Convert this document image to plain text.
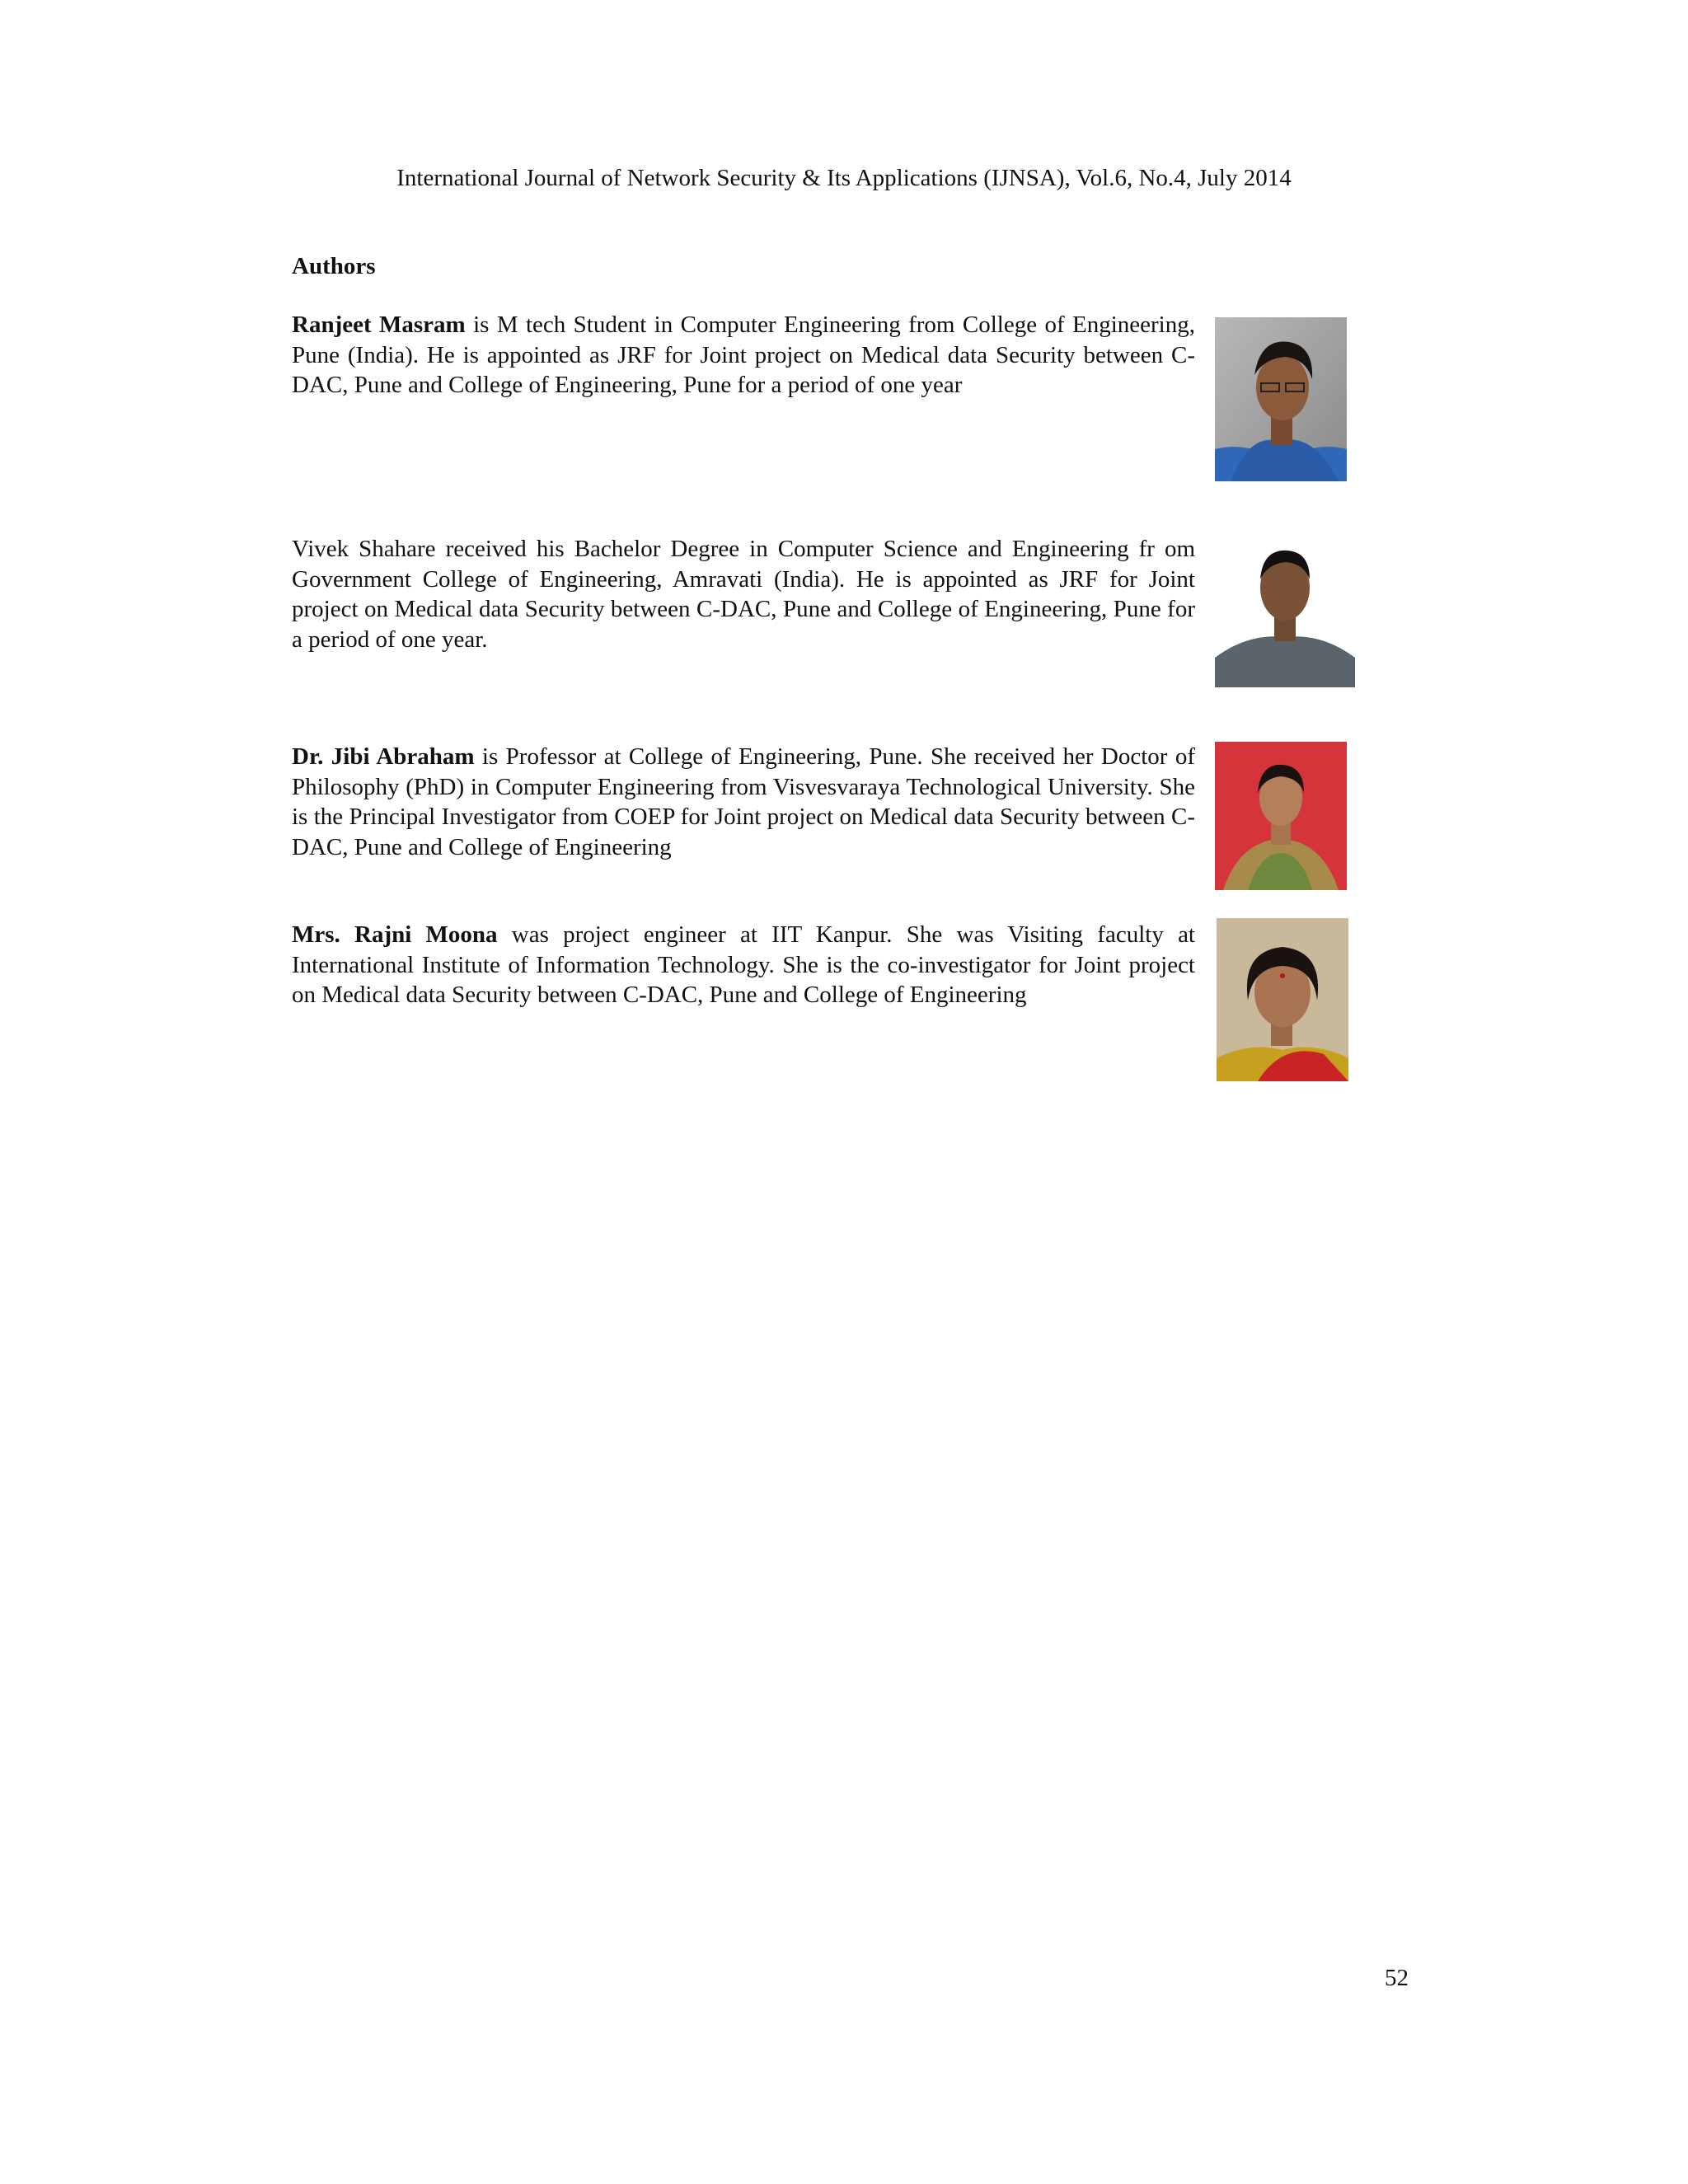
International Journal of Network Security & Its Applications (IJNSA), Vol.6, No.4, July 2014
Authors

Ranjeet Masram is M tech Student in Computer Engineering from College of Engineering, Pune (India). He is appointed as JRF for Joint project on Medical data Security between C-DAC, Pune and College of Engineering, Pune for a period of one year

Vivek Shahare received his Bachelor Degree in Computer Science and Engineering fr om Government College of Engineering, Amravati (India). He is appointed as JRF for Joint project on Medical data Security between C-DAC, Pune and College of Engineering, Pune for a period of one year.

Dr. Jibi Abraham is Professor at College of Engineering, Pune. She received her Doctor of Philosophy (PhD) in Computer Engineering from Visvesvaraya Technological University. She is the Principal Investigator from COEP for Joint project on Medical data Security between C-DAC, Pune and College of Engineering

Mrs. Rajni Moona was project engineer at IIT Kanpur. She was Visiting faculty at International Institute of Information Technology. She is the co-investigator for Joint project on Medical data Security between C-DAC, Pune and College of Engineering

52
